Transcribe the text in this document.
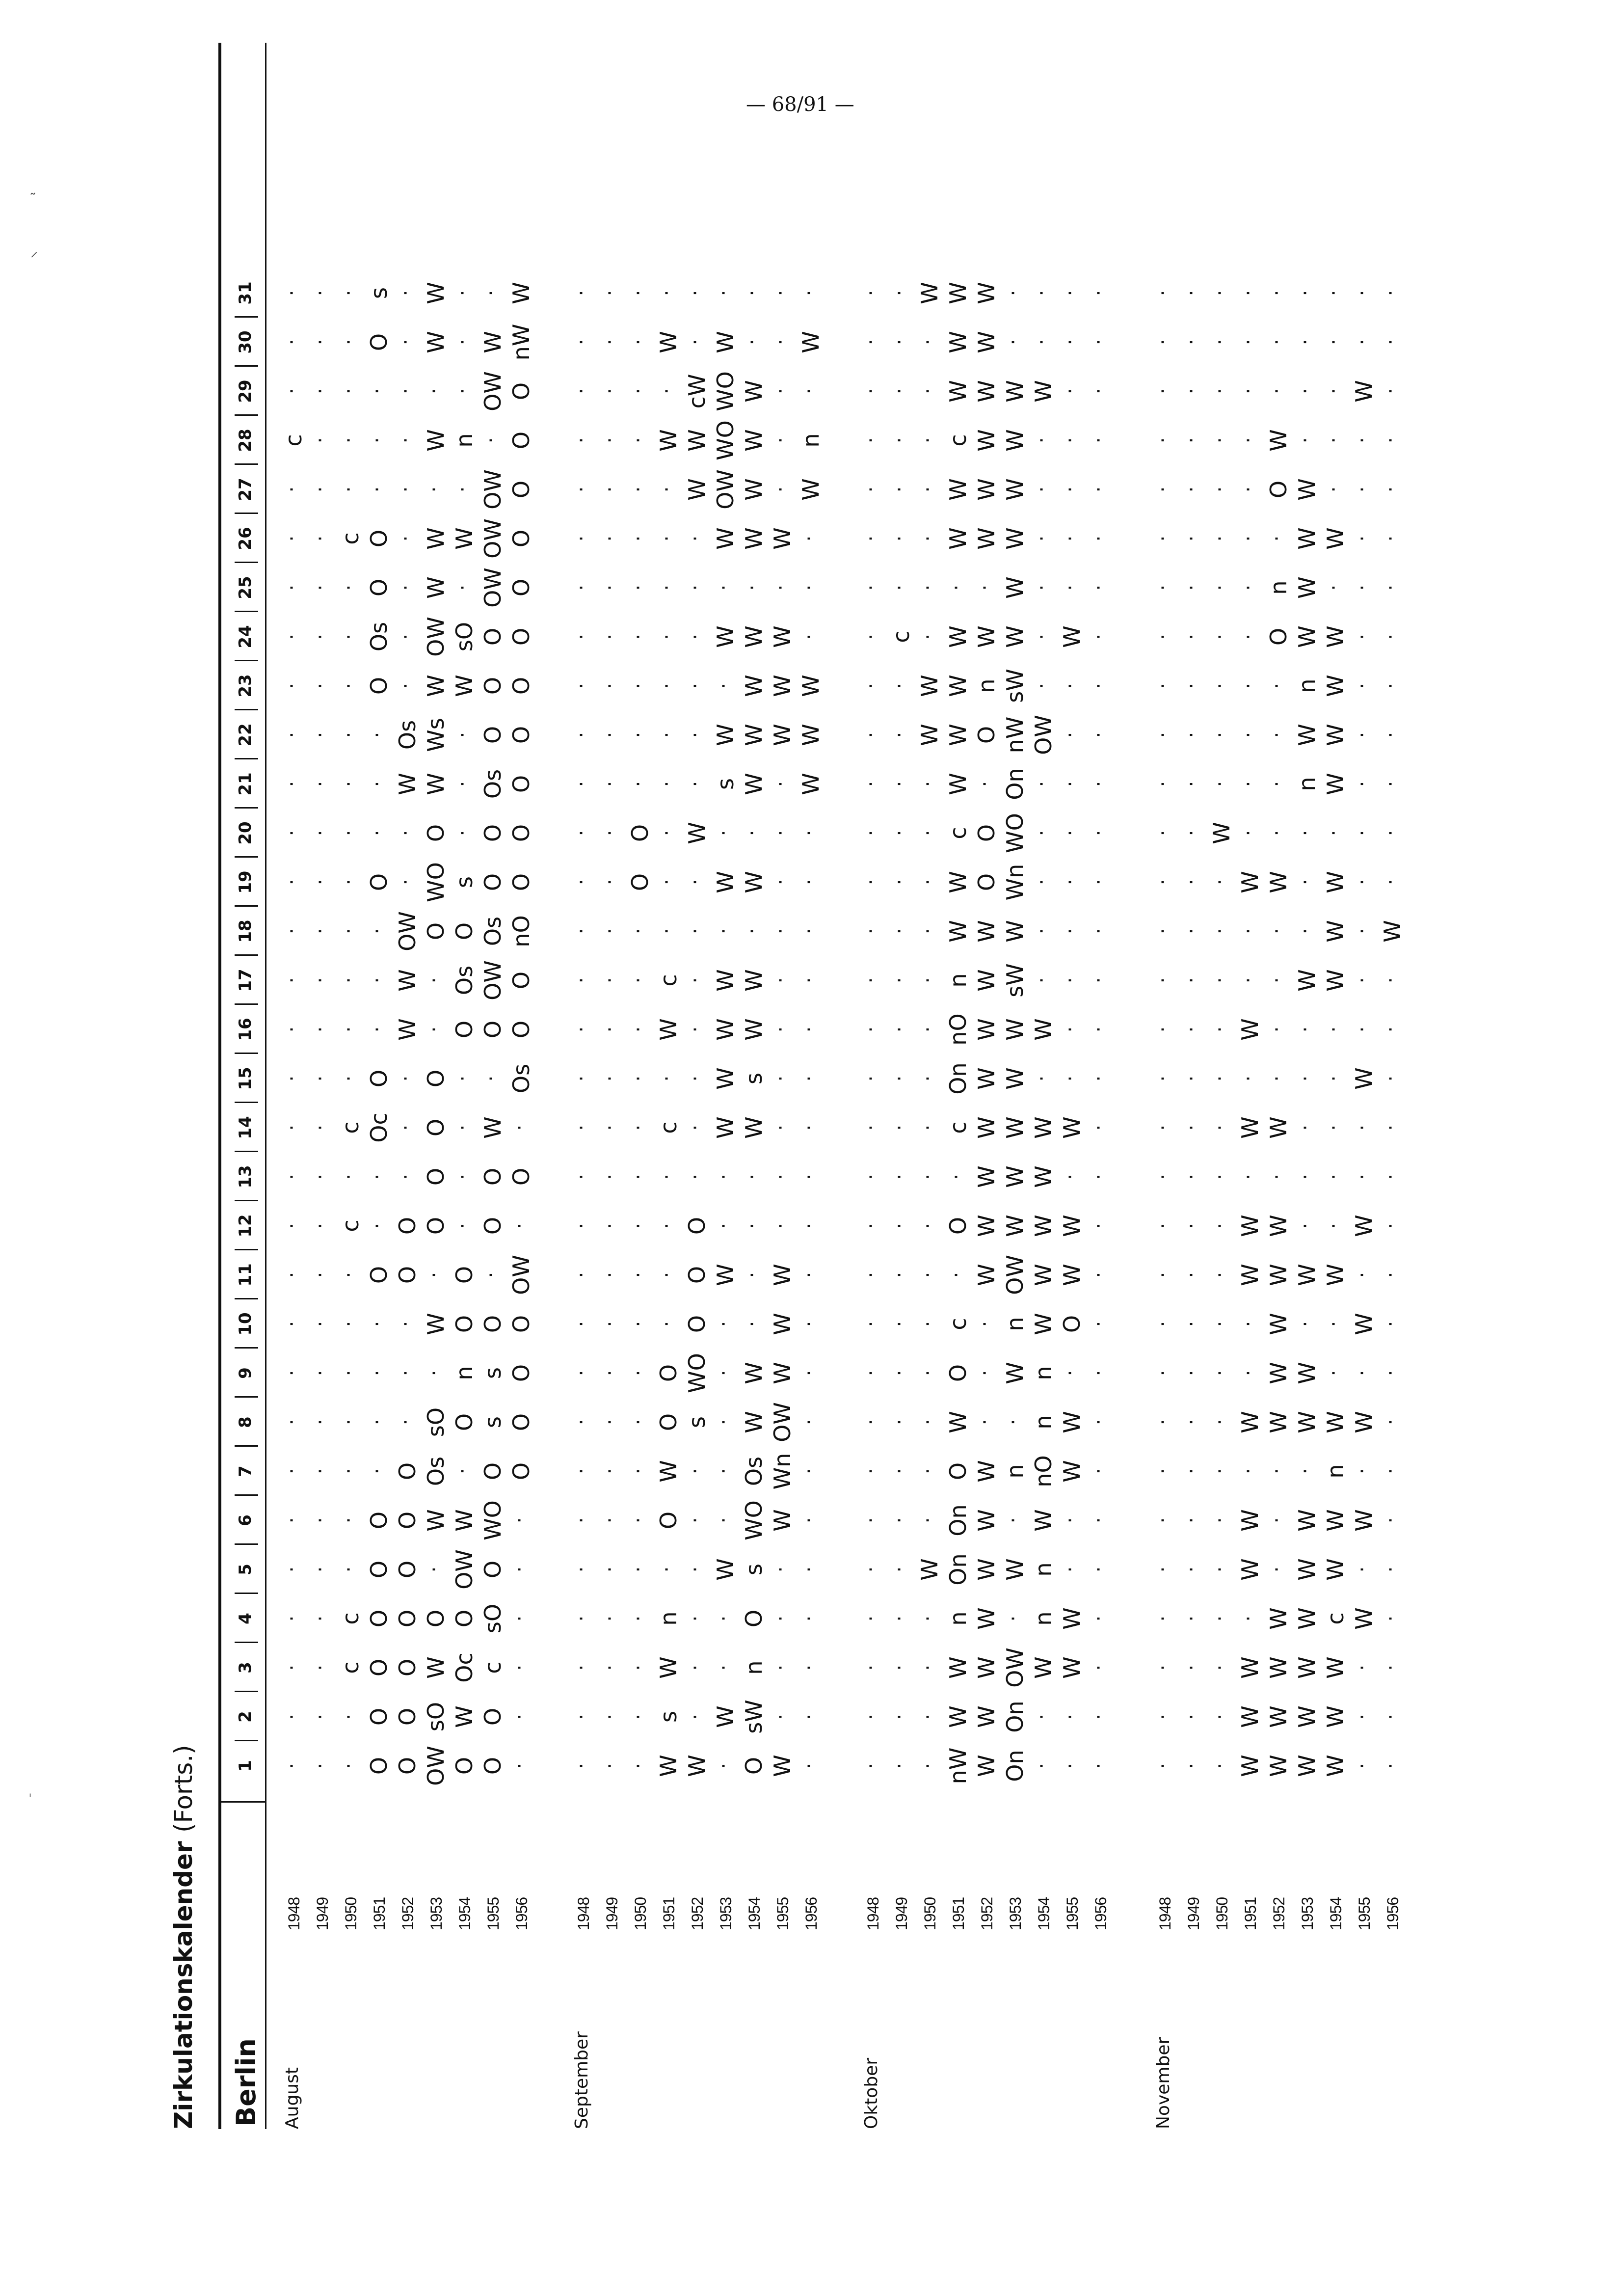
— 68/91 —
˷
⸝
ˈ
Zirkulationskalender (Forts.)
Berlin
1
2
3
4
5
6
7
8
9
10
11
12
13
14
15
16
17
18
19
20
21
22
23
24
25
26
27
28
29
30
31
August
1948
·
·
·
·
·
·
·
·
·
·
·
·
·
·
·
·
·
·
·
·
·
·
·
·
·
·
·
c
·
·
·
1949
·
·
·
·
·
·
·
·
·
·
·
·
·
·
·
·
·
·
·
·
·
·
·
·
·
·
·
·
·
·
·
1950
·
·
c
c
·
·
·
·
·
·
·
c
·
c
·
·
·
·
·
·
·
·
·
·
·
c
·
·
·
·
·
1951
O
O
O
O
O
O
·
·
·
·
O
·
·
Oc
O
·
·
·
O
·
·
·
O
Os
O
O
·
·
·
O
s
1952
O
O
O
O
O
O
O
·
·
·
O
O
·
·
·
W
W
OW
·
·
W
Os
·
·
·
·
·
·
·
·
·
1953
OW
sO
W
O
·
W
Os
sO
·
W
·
O
O
O
O
·
·
O
WO
O
W
Ws
W
OW
W
W
·
W
·
W
W
1954
O
W
Oc
O
OW
W
·
O
n
O
O
·
·
·
·
O
Os
O
s
·
·
·
W
sO
·
W
·
n
·
·
·
1955
O
O
c
sO
O
WO
O
s
s
O
·
O
O
W
·
O
OW
Os
O
O
Os
O
O
O
OW
OW
OW
·
OW
W
·
1956
·
·
·
·
·
·
O
O
O
O
OW
·
O
·
Os
O
O
nO
O
O
O
O
O
O
O
O
O
O
O
nW
W
September
1948
·
·
·
·
·
·
·
·
·
·
·
·
·
·
·
·
·
·
·
·
·
·
·
·
·
·
·
·
·
·
·
1949
·
·
·
·
·
·
·
·
·
·
·
·
·
·
·
·
·
·
·
·
·
·
·
·
·
·
·
·
·
·
·
1950
·
·
·
·
·
·
·
·
·
·
·
·
·
·
·
·
·
·
O
O
·
·
·
·
·
·
·
·
·
·
·
1951
W
s
W
n
·
O
W
O
O
·
·
·
·
c
·
W
c
·
·
·
·
·
·
·
·
·
·
W
·
W
·
1952
W
·
·
·
·
·
·
s
WO
O
O
O
·
·
·
·
·
·
·
W
·
·
·
·
·
·
W
W
cW
·
·
1953
·
W
·
·
W
·
·
·
·
·
W
·
·
W
W
W
W
·
W
·
s
W
·
W
·
W
OW
WO
WO
W
·
1954
O
sW
n
O
s
WO
Os
W
W
·
·
·
·
W
s
W
W
·
W
·
W
W
W
W
·
W
W
W
W
·
·
1955
W
·
·
·
·
W
Wn
OW
W
W
W
·
·
·
·
·
·
·
·
·
·
W
W
W
·
W
·
·
·
·
·
1956
·
·
·
·
·
·
·
·
·
·
·
·
·
·
·
·
·
·
·
·
W
W
W
·
·
·
W
n
·
W
·
Oktober
1948
·
·
·
·
·
·
·
·
·
·
·
·
·
·
·
·
·
·
·
·
·
·
·
·
·
·
·
·
·
·
·
1949
·
·
·
·
·
·
·
·
·
·
·
·
·
·
·
·
·
·
·
·
·
·
·
c
·
·
·
·
·
·
·
1950
·
·
·
·
W
·
·
·
·
·
·
·
·
·
·
·
·
·
·
·
·
W
W
·
·
·
·
·
·
·
W
1951
nW
W
W
n
On
On
O
W
O
c
·
O
·
c
On
nO
n
W
W
c
W
W
W
W
·
W
W
c
W
W
W
1952
W
W
W
W
W
W
W
·
·
·
W
W
W
W
W
W
W
W
O
O
·
O
n
W
·
W
W
W
W
W
W
1953
On
On
OW
·
W
·
n
·
W
n
OW
W
W
W
W
W
sW
W
Wn
WO
On
nW
sW
W
W
W
W
W
W
·
·
1954
·
·
W
n
n
W
nO
n
n
W
W
W
W
W
·
W
·
·
·
·
·
OW
·
·
·
·
·
·
W
·
·
1955
·
·
W
W
·
·
W
W
·
O
W
W
·
W
·
·
·
·
·
·
·
·
·
W
·
·
·
·
·
·
·
1956
·
·
·
·
·
·
·
·
·
·
·
·
·
·
·
·
·
·
·
·
·
·
·
·
·
·
·
·
·
·
·
November
1948
·
·
·
·
·
·
·
·
·
·
·
·
·
·
·
·
·
·
·
·
·
·
·
·
·
·
·
·
·
·
·
1949
·
·
·
·
·
·
·
·
·
·
·
·
·
·
·
·
·
·
·
·
·
·
·
·
·
·
·
·
·
·
·
1950
·
·
·
·
·
·
·
·
·
·
·
·
·
·
·
·
·
·
·
W
·
·
·
·
·
·
·
·
·
·
·
1951
W
W
W
·
W
W
·
W
·
·
W
W
·
W
·
W
·
·
W
·
·
·
·
·
·
·
·
·
·
·
·
1952
W
W
W
W
·
·
·
W
W
W
W
W
·
W
·
·
·
·
W
·
·
·
·
O
n
·
O
W
·
·
·
1953
W
W
W
W
W
W
·
W
W
·
W
·
·
·
·
·
W
·
·
·
n
W
n
W
W
W
W
·
·
·
·
1954
W
W
W
c
W
W
n
W
·
·
W
·
·
·
·
·
W
W
W
·
W
W
W
W
·
W
·
·
·
·
·
1955
·
·
·
W
·
W
·
W
·
W
·
W
·
·
W
·
·
·
·
·
·
·
·
·
·
·
·
·
W
·
·
1956
·
·
·
·
·
·
·
·
·
·
·
·
·
·
·
·
·
W
·
·
·
·
·
·
·
·
·
·
·
·
·
